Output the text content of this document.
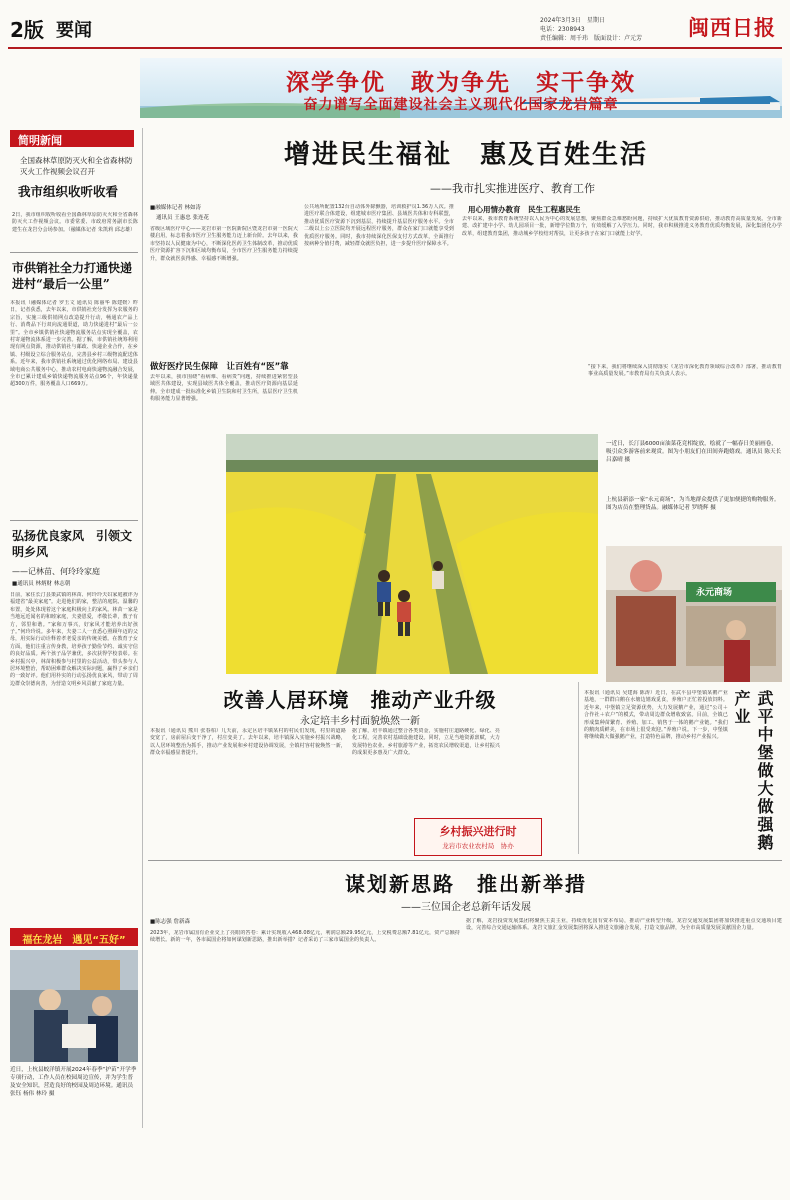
2版 要闻	2024年3月3日　星期日
电话：2308943
责任编辑：周千玮　版面设计：卢元芳 闽西日报
深学争优　敢为争先　实干争效
奋力谱写全面建设社会主义现代化国家龙岩篇章
简明新闻
全国森林草原防灭火和全省森林防灭火工作视频会议召开
我市组织收听收看
2日，我市组织收听收看全国森林草原防灭火和全省森林防灭火工作视频会议。市委常委、市政府常务副市长陈建生在龙岩分会场参加。（融媒体记者 朱凯莉 邱志雄）
市供销社全力打通快递进村“最后一公里”
本报讯（融媒体记者 罗玉文 通讯员 陈丽华 陈建媛）昨日，记者获悉，去年以来，市供销社充分发挥为农服务的宗旨，实施三级供销网点改造提升行动，畅通农产品上行、消费品下行双向流通渠道，助力快递进村“最后一公里”。全市乡镇供销社快递物流服务站点实现全覆盖，农村寄递物流体系进一步完善。据了解，市供销社统筹利用现有网点资源，推动供销社与邮政、快递企业合作，在乡镇、村级设立综合服务站点，完善县乡村三级物流配送体系。近年来，我市供销社系统通过优化网络布局、建设县域电商公共服务中心，推动农村电商快递物流融合发展，全市已累计建成乡镇快递物流服务站点96个，年快递量超300万件，服务覆盖人口669万。
弘扬优良家风　引领文明乡风
——记林苗、何玲玲家庭
■通讯员 林炳财 林志朝
日前，家住长汀县策武镇的林苗、何玲玲夫妇家庭被评为福建省“最美家庭”。走进他们的家，整洁的庭院、温馨的布置，处处体现着这个家庭积极向上的家风。林苗一家是当地远近闻名的和睦家庭，夫妻恩爱，孝敬长辈，教子有方，邻里和谐。“家和万事兴，好家风才能培养出好孩子。”何玲玲说。多年来，夫妻二人一直悉心照顾年迈的父母，用实际行动诠释着孝老爱亲的传统美德。在教育子女方面，他们注重言传身教，培养孩子勤俭节约、诚实守信的良好品质。两个孩子品学兼优，多次获得学校表彰。在乡村振兴中，林苗积极参与村里的公益活动，带头参与人居环境整治，帮助困难群众解决实际问题，赢得了乡亲们的一致好评。他们用朴实的行动弘扬优良家风，带动了周边群众崇德向善，为营造文明乡风贡献了家庭力量。
福在龙岩　遇见“五好”
近日，上杭县蛟洋镇开展2024年春季“护苗”开学季专项行动，工作人员在校园周边宣传，并为学生普及安全知识，营造良好的校园及周边环境。通讯员 张钰 杨伟 林玲 摄
增进民生福祉　惠及百姓生活
——我市扎实推进医疗、教育工作
■融媒体记者 林如涛
通讯员 王惠忠 张连花
省级区域医疗中心——龙岩市第一医院新院区暨龙岩市第一医院大楼启用，标志着我市医疗卫生服务能力迈上新台阶。去年以来，我市坚持以人民健康为中心，不断深化医药卫生体制改革，推动优质医疗资源扩容下沉和区域均衡布局，全市医疗卫生服务能力持续提升，群众就医获得感、幸福感不断增强。
做好医疗民生保障　让百姓有“医”靠
去年以来，我市围绕“看病难、看病贵”问题，持续推进紧密型县域医共体建设，实现县域医共体全覆盖，推动医疗资源向基层延伸。全市建成一批标准化乡镇卫生院和村卫生所，基层医疗卫生机构服务能力显著增强。
公共场所配置132台自动体外除颤器，培训救护员1.36万人次。推进医疗联合体建设，组建城市医疗集团、县域医共体和专科联盟，推动优质医疗资源下沉到基层，持续提升基层医疗服务水平。全市二级以上公立医院均开展远程医疗服务，群众在家门口就能享受到优质医疗服务。同时，我市持续深化医保支付方式改革，全面推行按病种分值付费，减轻群众就医负担，进一步提升医疗保障水平。
用心用情办教育　民生工程惠民生
去年以来，我市教育系统坚持以人民为中心的发展思想，聚焦群众急难愁盼问题，持续扩大优质教育资源供给，推动教育高质量发展。全市新建、改扩建中小学、幼儿园项目一批，新增学位数万个，有效缓解了入学压力。同时，我市积极推进义务教育优质均衡发展，深化集团化办学改革，组建教育集团，推动城乡学校结对帮扶，让更多孩子在家门口就能上好学。
“接下来，我们将继续深入贯彻落实《龙岩市深化教育领域综合改革》部署，推动教育事业高质量发展。”市教育局有关负责人表示。
一近日，长汀县6000亩油菜花竞相绽放，绘就了一幅春日美丽画卷，吸引众多游客前来观赏。图为小朋友们在田间奔跑嬉戏。通讯员 陈天长 吕嘉晴 摄
上杭县新添一家“永元商场”，为当地群众提供了更加便捷的购物服务。图为店员在整理货品。融媒体记者 罗晓辉 摄
永元商场
改善人居环境　推动产业升级
永定培丰乡村面貌焕然一新
本报讯（通讯员 熊川 张春柏）几天前，永定区培丰镇某村的村民们发现，村里的道路变宽了，房前屋后变干净了，村庄变美了。去年以来，培丰镇深入实施乡村振兴战略，以人居环境整治为抓手，推动产业发展和乡村建设协调发展，全镇村容村貌焕然一新，群众幸福感显著提升。
据了解，培丰镇通过整合各类资金，实施村庄道路硬化、绿化、亮化工程，完善农村基础设施建设。同时，立足当地资源禀赋，大力发展特色农业、乡村旅游等产业，拓宽农民增收渠道，让乡村振兴的成果更多惠及广大群众。
乡村振兴进行时
龙岩市农业农村局　协办
本报讯（通讯员 吴建海 陈涛）近日，在武平县中堡镇某鹅产业基地，一群群白鹅在水塘边嬉戏觅食，养殖户正忙着投放饲料。近年来，中堡镇立足资源优势，大力发展鹅产业，通过“公司＋合作社＋农户”的模式，带动周边群众增收致富。目前，全镇已形成集种苗繁育、养殖、加工、销售于一体的鹅产业链。“我们的鹅肉质鲜美，在市场上很受欢迎。”养殖户说。下一步，中堡镇将继续做大做强鹅产业，打造特色品牌，推动乡村产业振兴。	武平中堡做大做强鹅产业
谋划新思路　推出新举措
——三位国企老总新年话发展
■陈志强 詹新森
2023年，龙岩市属国有企业交上了亮眼的答卷：累计实现收入468.08亿元，利润总额29.95亿元，上交税费总额7.81亿元，资产总额持续增长。新的一年，各市属国企将如何谋划新思路，推出新举措？记者采访了三家市属国企的负责人。
据了解，龙岩投资发展集团将聚焦主责主业，持续优化国有资本布局，推动产业转型升级。龙岩交通发展集团将加快推进重点交通项目建设，完善综合交通运输体系。龙岩文旅汇金发展集团将深入推进文旅融合发展，打造文旅品牌，为全市高质量发展贡献国企力量。
